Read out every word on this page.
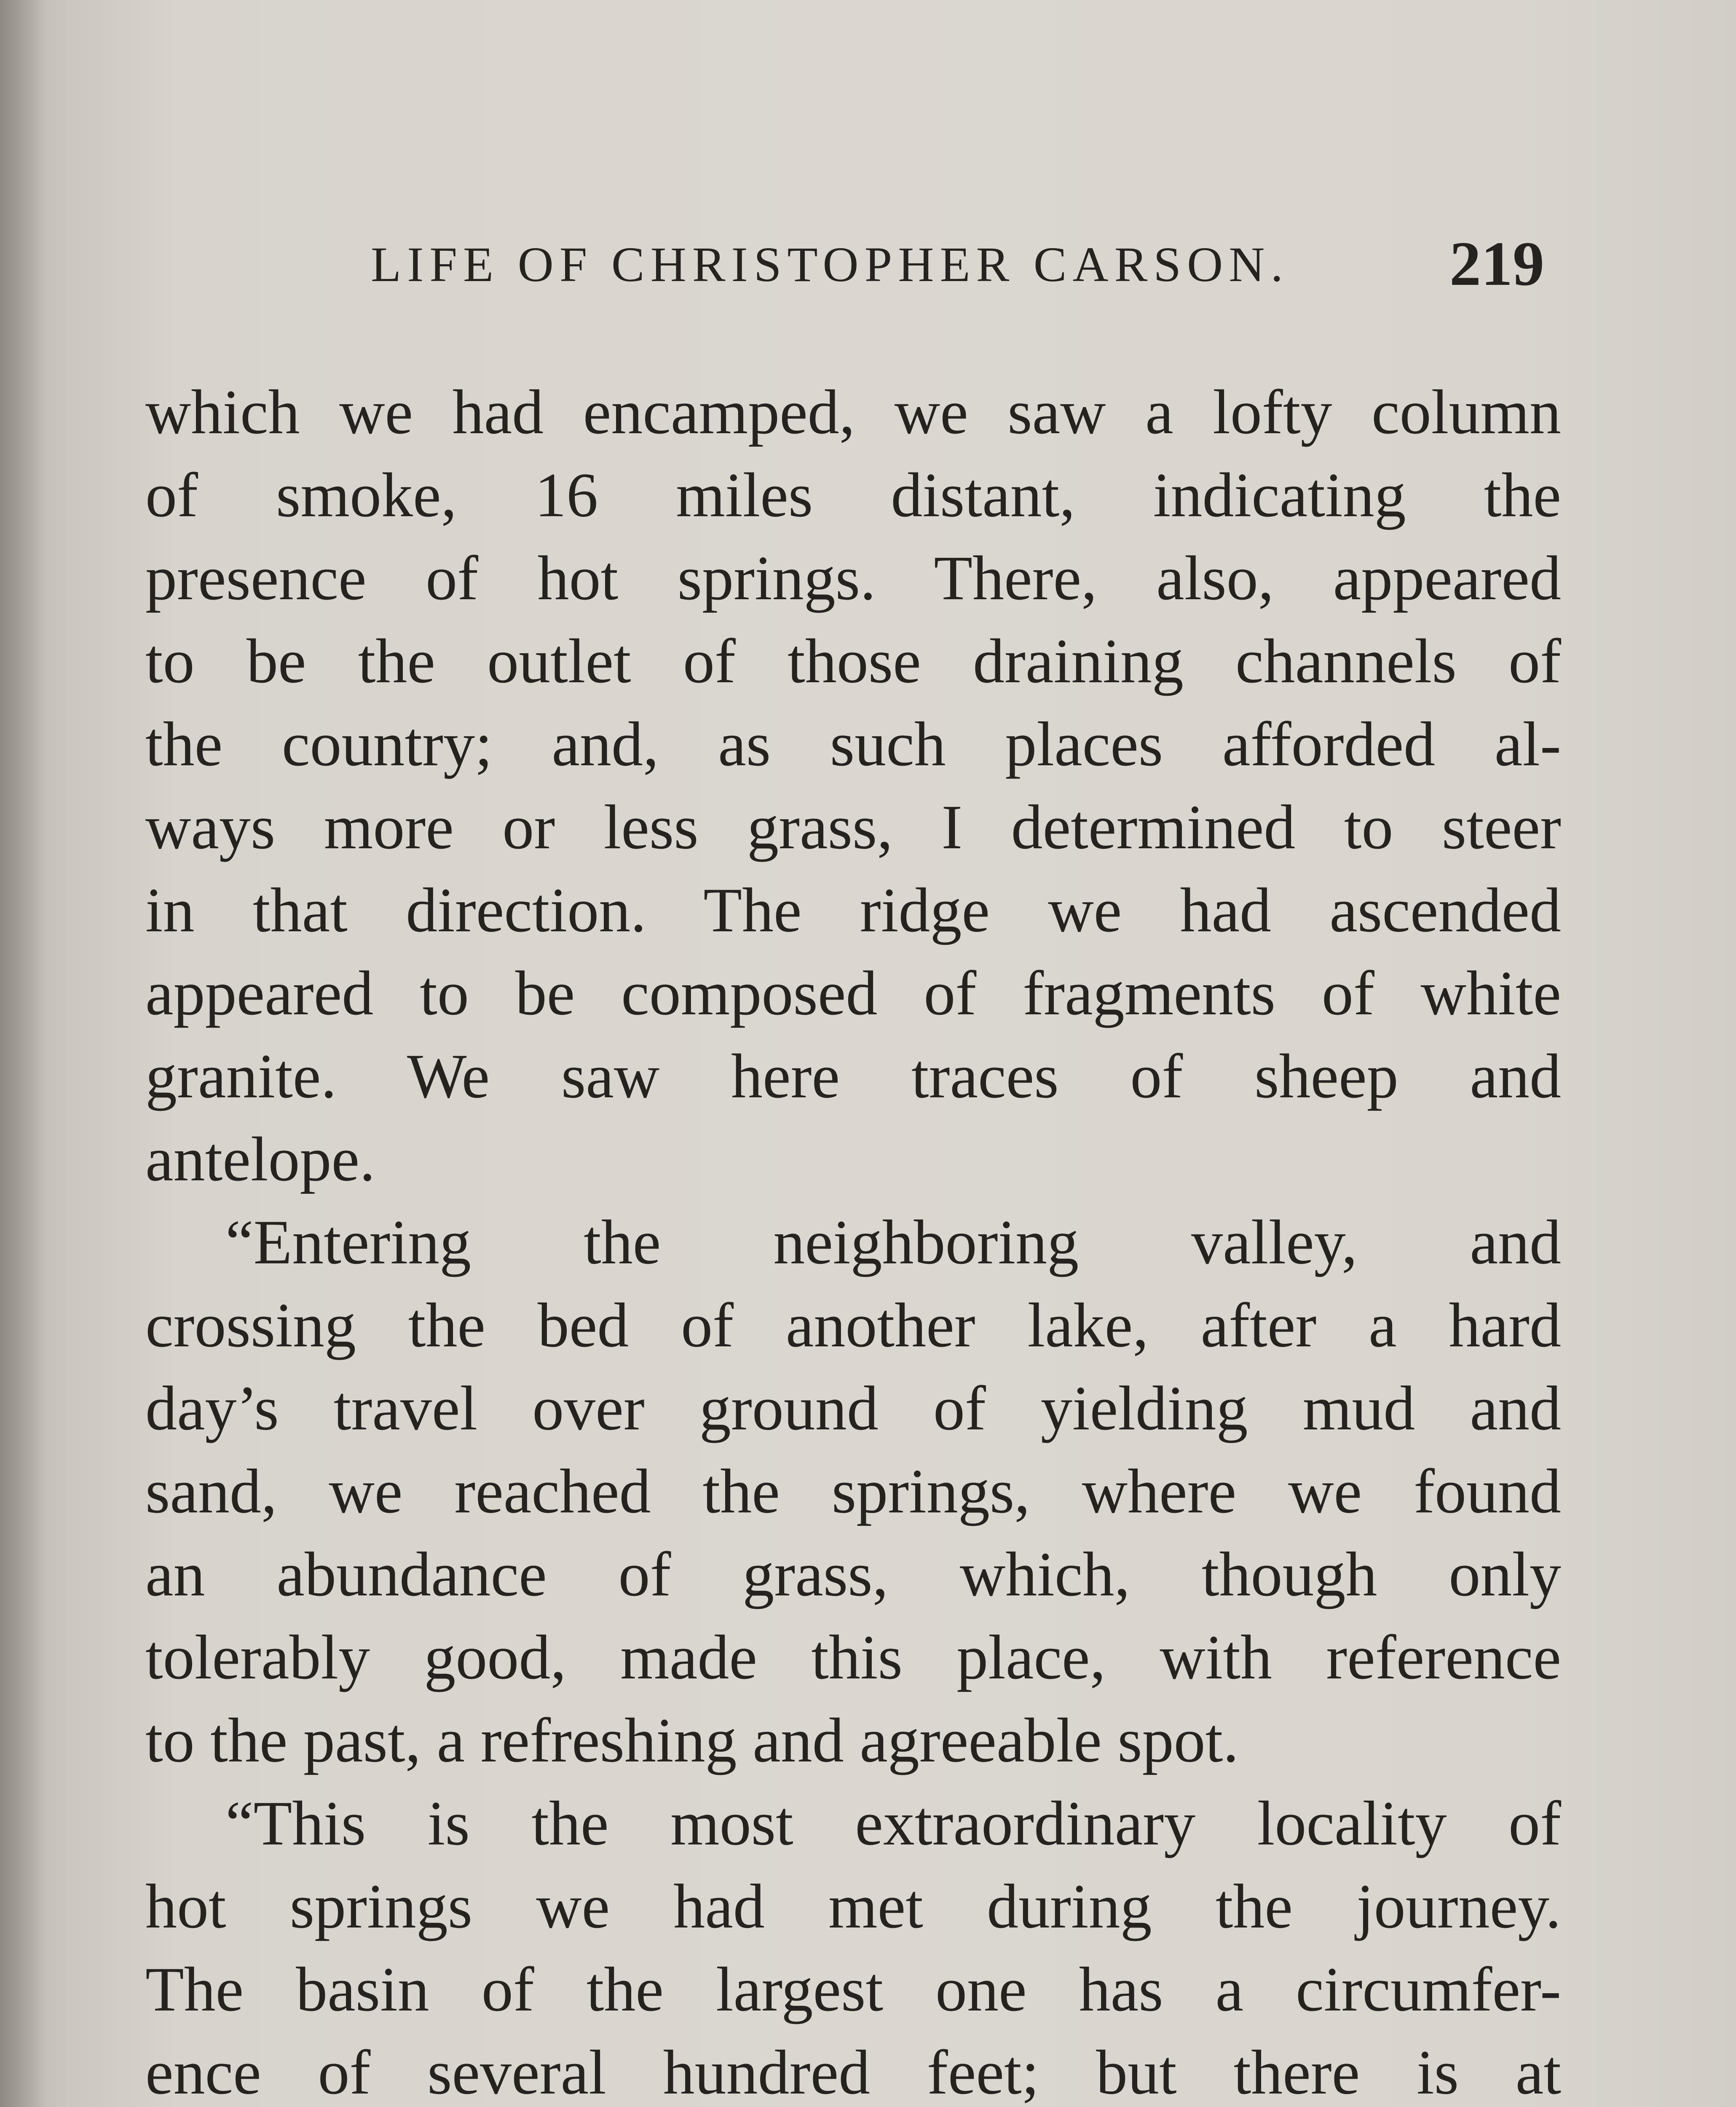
LIFE OF CHRISTOPHER CARSON.	219
which we had encamped, we saw a lofty column
of smoke, 16 miles distant, indicating the
presence of hot springs. There, also, appeared
to be the outlet of those draining channels of
the country; and, as such places afforded al-
ways more or less grass, I determined to steer
in that direction. The ridge we had ascended
appeared to be composed of fragments of white
granite. We saw here traces of sheep and
antelope.
“Entering the neighboring valley, and
crossing the bed of another lake, after a hard
day’s travel over ground of yielding mud and
sand, we reached the springs, where we found
an abundance of grass, which, though only
tolerably good, made this place, with reference
to the past, a refreshing and agreeable spot.
“This is the most extraordinary locality of
hot springs we had met during the journey.
The basin of the largest one has a circumfer-
ence of several hundred feet; but there is at
